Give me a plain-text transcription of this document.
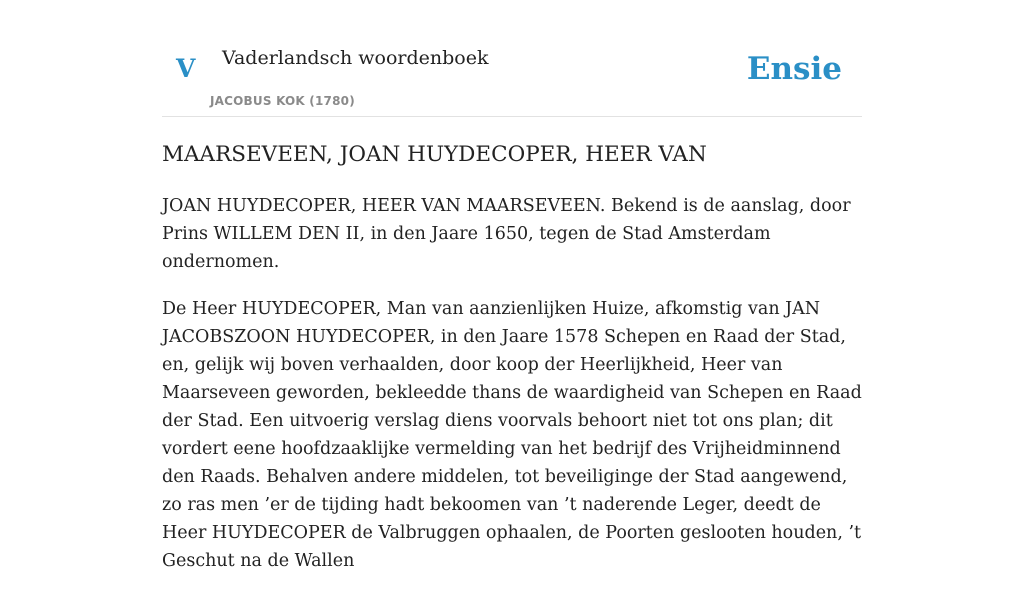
V Vaderlandsch woordenboek
JACOBUS KOK (1780)
Ensie
MAARSEVEEN, JOAN HUYDECOPER, HEER VAN

JOAN HUYDECOPER, HEER VAN MAARSEVEEN. Bekend is de aanslag, door Prins WILLEM DEN II, in den Jaare 1650, tegen de Stad Amsterdam ondernomen.

De Heer HUYDECOPER, Man van aanzienlijken Huize, afkomstig van JAN JACOBSZOON HUYDECOPER, in den Jaare 1578 Schepen en Raad der Stad, en, gelijk wij boven verhaalden, door koop der Heerlijkheid, Heer van Maarseveen geworden, bekleedde thans de waardigheid van Schepen en Raad der Stad. Een uitvoerig verslag diens voorvals behoort niet tot ons plan; dit vordert eene hoofdzaaklijke vermelding van het bedrijf des Vrijheidminnend den Raads. Behalven andere middelen, tot beveiliginge der Stad aangewend, zo ras men ’er de tijding hadt bekoomen van ’t naderende Leger, deedt de Heer HUYDECOPER de Valbruggen ophaalen, de Poorten geslooten houden, ’t Geschut na de Wallen
